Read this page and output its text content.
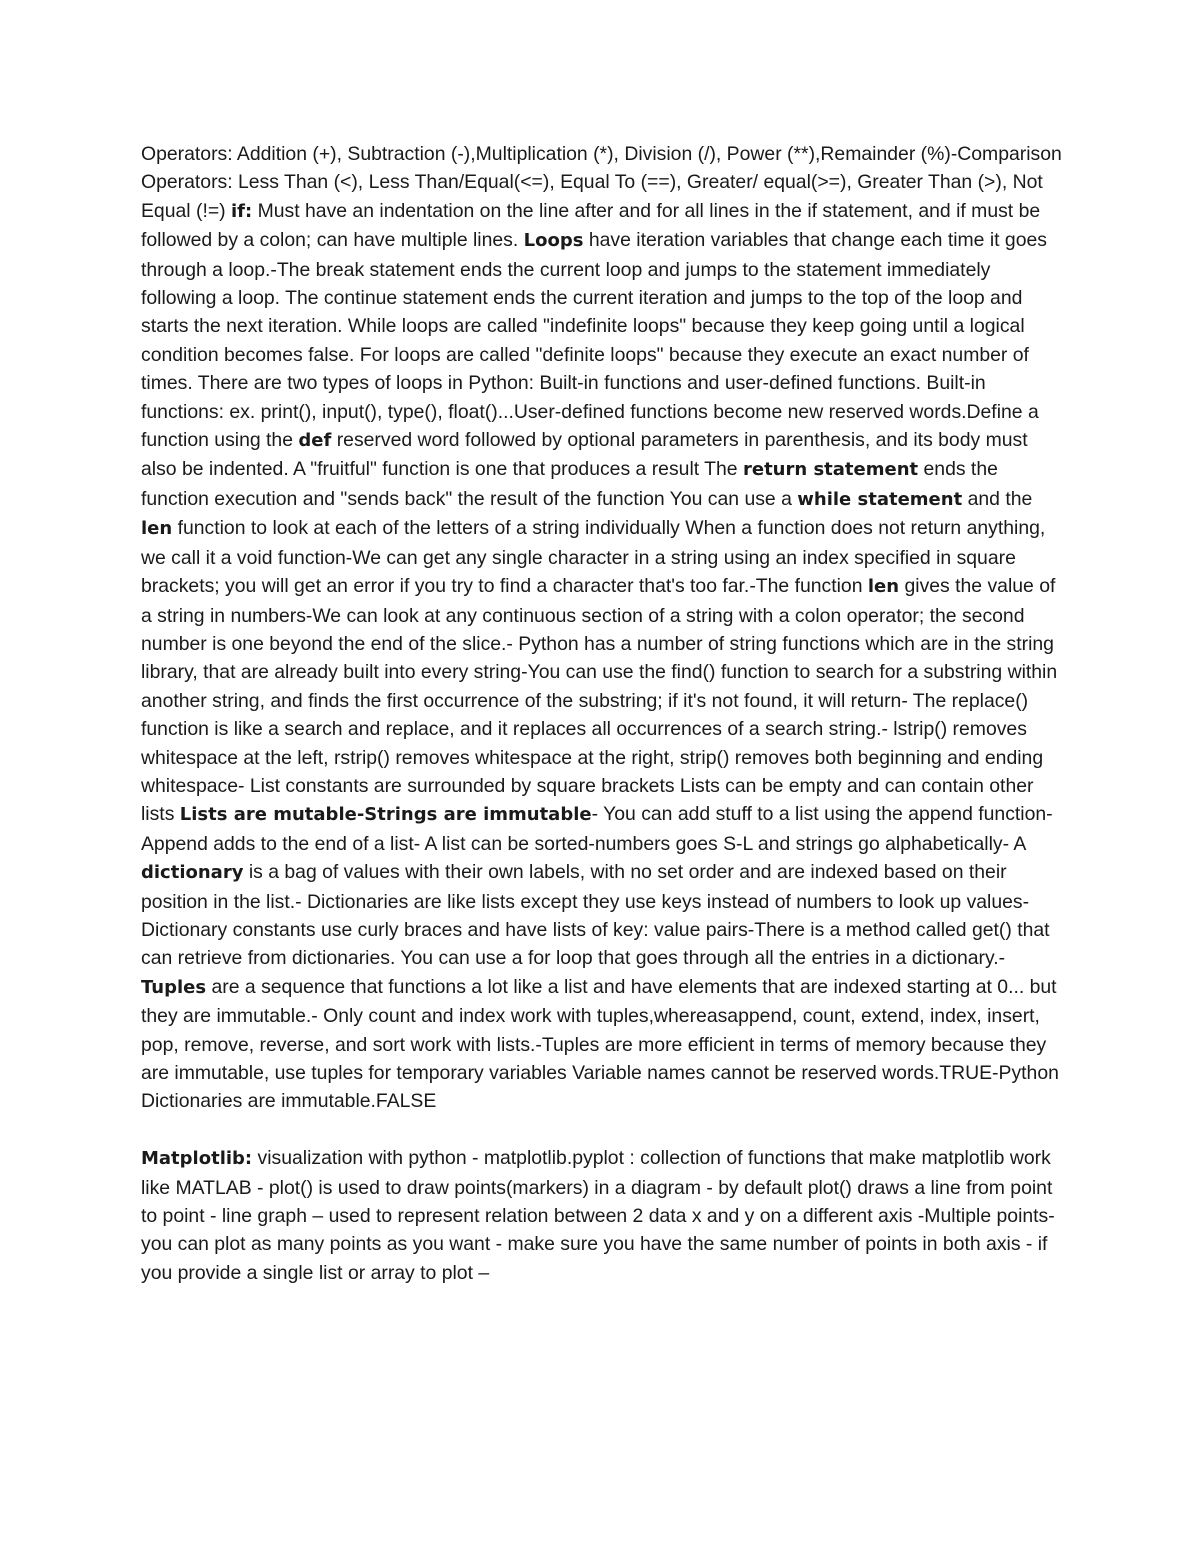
Operators: Addition (+), Subtraction (-),Multiplication (*), Division (/), Power (**),Remainder (%)-Comparison Operators: Less Than (<), Less Than/Equal(<=), Equal To (==), Greater/ equal(>=), Greater Than (>), Not Equal (!=) if: Must have an indentation on the line after and for all lines in the if statement, and if must be followed by a colon; can have multiple lines. Loops have iteration variables that change each time it goes through a loop.-The break statement ends the current loop and jumps to the statement immediately following a loop. The continue statement ends the current iteration and jumps to the top of the loop and starts the next iteration. While loops are called "indefinite loops" because they keep going until a logical condition becomes false. For loops are called "definite loops" because they execute an exact number of times. There are two types of loops in Python: Built-in functions and user-defined functions. Built-in functions: ex. print(), input(), type(), float()...User-defined functions become new reserved words.Define a function using the def reserved word followed by optional parameters in parenthesis, and its body must also be indented. A "fruitful" function is one that produces a result The return statement ends the function execution and "sends back" the result of the function You can use a while statement and the len function to look at each of the letters of a string individually When a function does not return anything, we call it a void function-We can get any single character in a string using an index specified in square brackets; you will get an error if you try to find a character that's too far.-The function len gives the value of a string in numbers-We can look at any continuous section of a string with a colon operator; the second number is one beyond the end of the slice.- Python has a number of string functions which are in the string library, that are already built into every string-You can use the find() function to search for a substring within another string, and finds the first occurrence of the substring; if it's not found, it will return- The replace() function is like a search and replace, and it replaces all occurrences of a search string.- lstrip() removes whitespace at the left, rstrip() removes whitespace at the right, strip() removes both beginning and ending whitespace- List constants are surrounded by square brackets Lists can be empty and can contain other lists Lists are mutable-Strings are immutable- You can add stuff to a list using the append function- Append adds to the end of a list- A list can be sorted-numbers goes S-L and strings go alphabetically- A dictionary is a bag of values with their own labels, with no set order and are indexed based on their position in the list.- Dictionaries are like lists except they use keys instead of numbers to look up values-Dictionary constants use curly braces and have lists of key: value pairs-There is a method called get() that can retrieve from dictionaries. You can use a for loop that goes through all the entries in a dictionary.- Tuples are a sequence that functions a lot like a list and have elements that are indexed starting at 0... but they are immutable.- Only count and index work with tuples,whereasappend, count, extend, index, insert, pop, remove, reverse, and sort work with lists.-Tuples are more efficient in terms of memory because they are immutable, use tuples for temporary variables Variable names cannot be reserved words.TRUE-Python Dictionaries are immutable.FALSE

Matplotlib: visualization with python - matplotlib.pyplot : collection of functions that make matplotlib work like MATLAB - plot() is used to draw points(markers) in a diagram - by default plot() draws a line from point to point - line graph – used to represent relation between 2 data x and y on a different axis -Multiple points- you can plot as many points as you want - make sure you have the same number of points in both axis - if you provide a single list or array to plot –
